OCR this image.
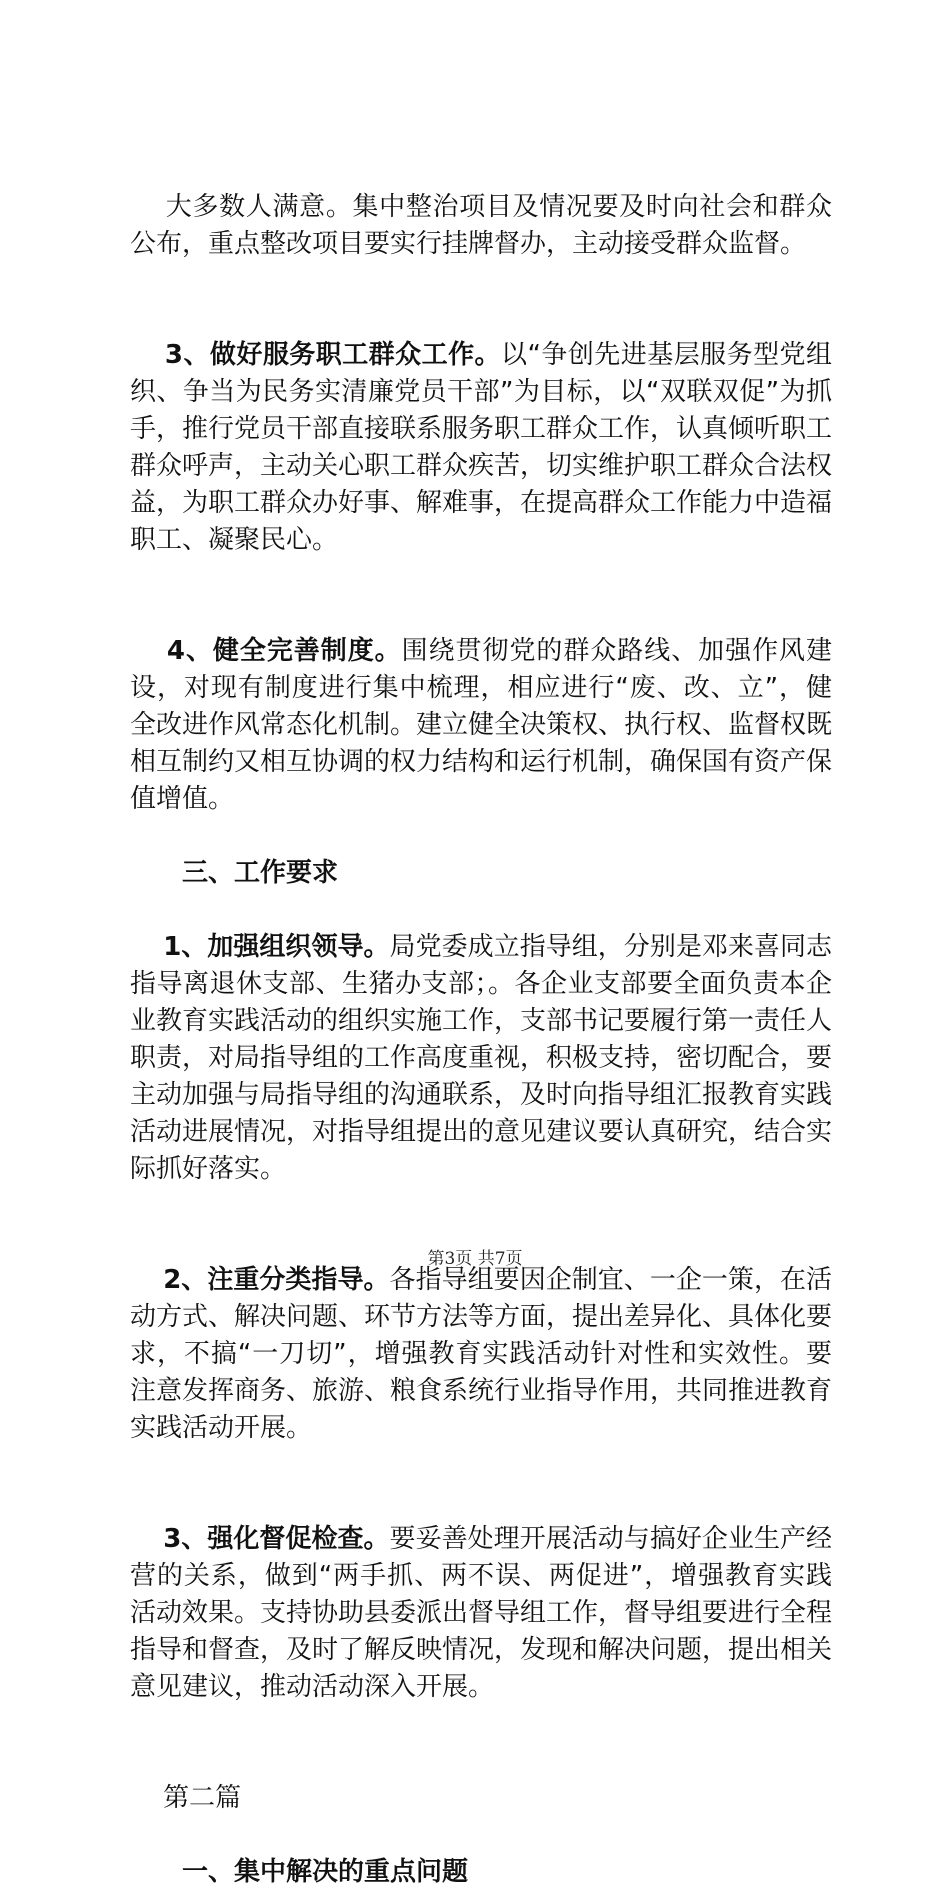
大多数人满意。集中整治项目及情况要及时向社会和群众公布，重点整改项目要实行挂牌督办，主动接受群众监督。

3、做好服务职工群众工作。以“争创先进基层服务型党组织、争当为民务实清廉党员干部”为目标，以“双联双促”为抓手，推行党员干部直接联系服务职工群众工作，认真倾听职工群众呼声，主动关心职工群众疾苦，切实维护职工群众合法权益，为职工群众办好事、解难事，在提高群众工作能力中造福职工、凝聚民心。

4、健全完善制度。围绕贯彻党的群众路线、加强作风建设，对现有制度进行集中梳理，相应进行“废、改、立”，健全改进作风常态化机制。建立健全决策权、执行权、监督权既相互制约又相互协调的权力结构和运行机制，确保国有资产保值增值。

三、工作要求

1、加强组织领导。局党委成立指导组，分别是邓来喜同志指导离退休支部、生猪办支部；。各企业支部要全面负责本企业教育实践活动的组织实施工作，支部书记要履行第一责任人职责，对局指导组的工作高度重视，积极支持，密切配合，要主动加强与局指导组的沟通联系，及时向指导组汇报教育实践活动进展情况，对指导组提出的意见建议要认真研究，结合实际抓好落实。

2、注重分类指导。各指导组要因企制宜、一企一策，在活动方式、解决问题、环节方法等方面，提出差异化、具体化要求，不搞“一刀切”，增强教育实践活动针对性和实效性。要注意发挥商务、旅游、粮食系统行业指导作用，共同推进教育实践活动开展。

3、强化督促检查。要妥善处理开展活动与搞好企业生产经营的关系，做到“两手抓、两不误、两促进”，增强教育实践活动效果。支持协助县委派出督导组工作，督导组要进行全程指导和督查，及时了解反映情况，发现和解决问题，提出相关意见建议，推动活动深入开展。

第二篇

一、集中解决的重点问题

第3页 共7页
